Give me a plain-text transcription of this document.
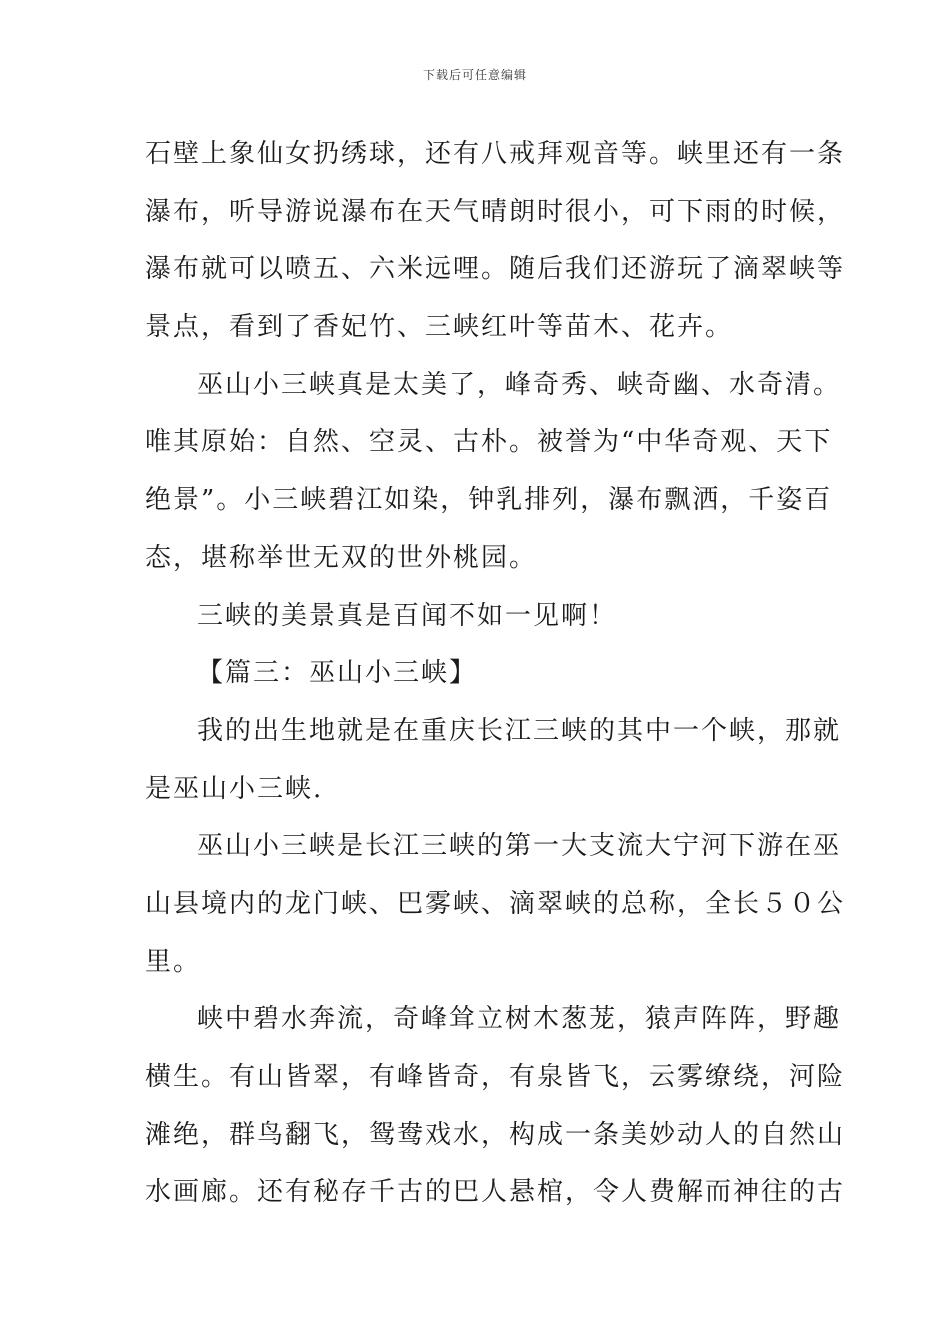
下载后可任意编辑
石壁上象仙女扔绣球，还有八戒拜观音等。峡里还有一条
瀑布，听导游说瀑布在天气晴朗时很小，可下雨的时候，
瀑布就可以喷五、六米远哩。随后我们还游玩了滴翠峡等
景点，看到了香妃竹、三峡红叶等苗木、花卉。
巫山小三峡真是太美了，峰奇秀、峡奇幽、水奇清。
唯其原始：自然、空灵、古朴。被誉为“中华奇观、天下
绝景”。小三峡碧江如染，钟乳排列，瀑布飘洒，千姿百
态，堪称举世无双的世外桃园。
三峡的美景真是百闻不如一见啊！
【篇三：巫山小三峡】
我的出生地就是在重庆长江三峡的其中一个峡，那就
是巫山小三峡.
巫山小三峡是长江三峡的第一大支流大宁河下游在巫
山县境内的龙门峡、巴雾峡、滴翠峡的总称，全长５０公
里。
峡中碧水奔流，奇峰耸立树木葱茏，猿声阵阵，野趣
横生。有山皆翠，有峰皆奇，有泉皆飞，云雾缭绕，河险
滩绝，群鸟翻飞，鸳鸯戏水，构成一条美妙动人的自然山
水画廊。还有秘存千古的巴人悬棺，令人费解而神往的古
